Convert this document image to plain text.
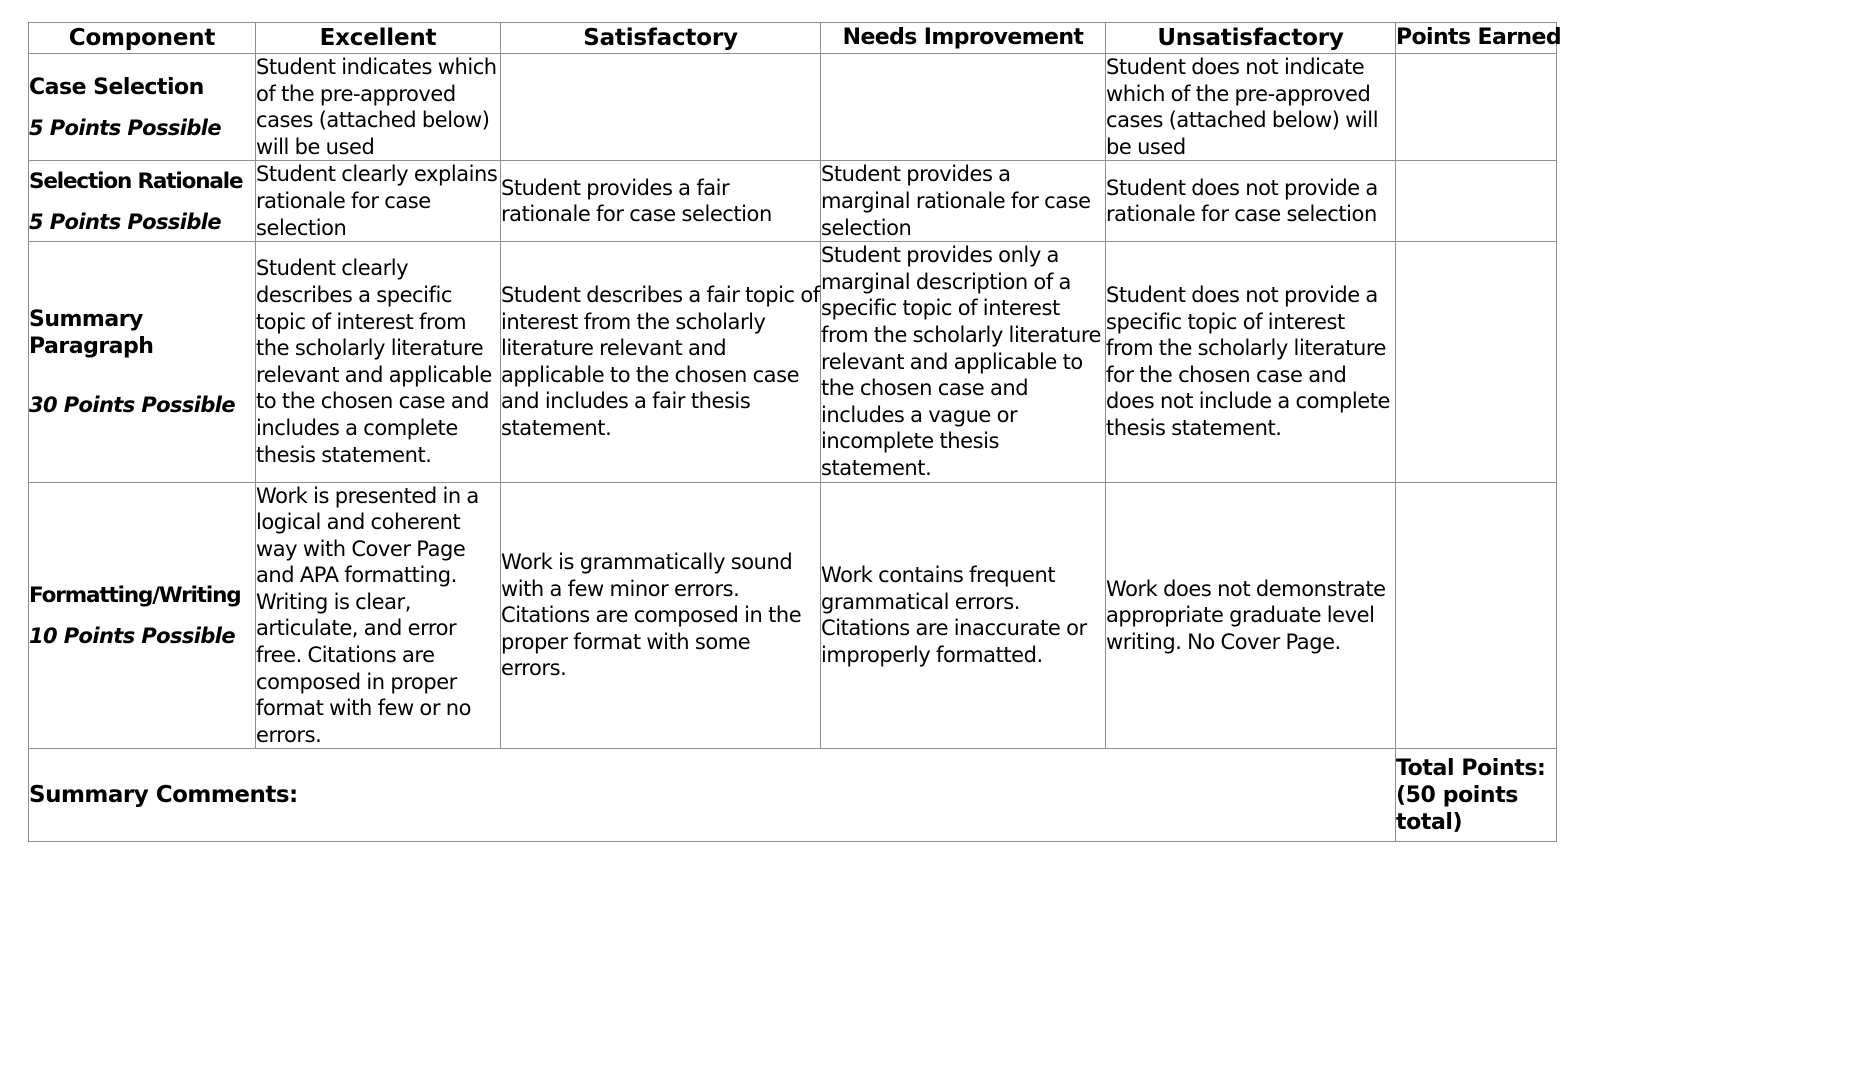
Component	Excellent	Satisfactory	Needs Improvement	Unsatisfactory	Points Earned

Case Selection
5 Points Possible	Student indicates which of the pre-approved cases (attached below) will be used			Student does not indicate which of the pre-approved cases (attached below) will be used	

Selection Rationale
5 Points Possible	Student clearly explains rationale for case selection	Student provides a fair rationale for case selection	Student provides a marginal rationale for case selection	Student does not provide a rationale for case selection	

Summary Paragraph
30 Points Possible	Student clearly describes a specific topic of interest from the scholarly literature relevant and applicable to the chosen case and includes a complete thesis statement.	Student describes a fair topic of interest from the scholarly literature relevant and applicable to the chosen case and includes a fair thesis statement.	Student provides only a marginal description of a specific topic of interest from the scholarly literature relevant and applicable to the chosen case and includes a vague or incomplete thesis statement.	Student does not provide a specific topic of interest from the scholarly literature for the chosen case and does not include a complete thesis statement.	

Formatting/Writing
10 Points Possible	Work is presented in a logical and coherent way with Cover Page and APA formatting. Writing is clear, articulate, and error free. Citations are composed in proper format with few or no errors.	Work is grammatically sound with a few minor errors. Citations are composed in the proper format with some errors.	Work contains frequent grammatical errors. Citations are inaccurate or improperly formatted.	Work does not demonstrate appropriate graduate level writing. No Cover Page.	

Summary Comments:					Total Points: (50 points total)
